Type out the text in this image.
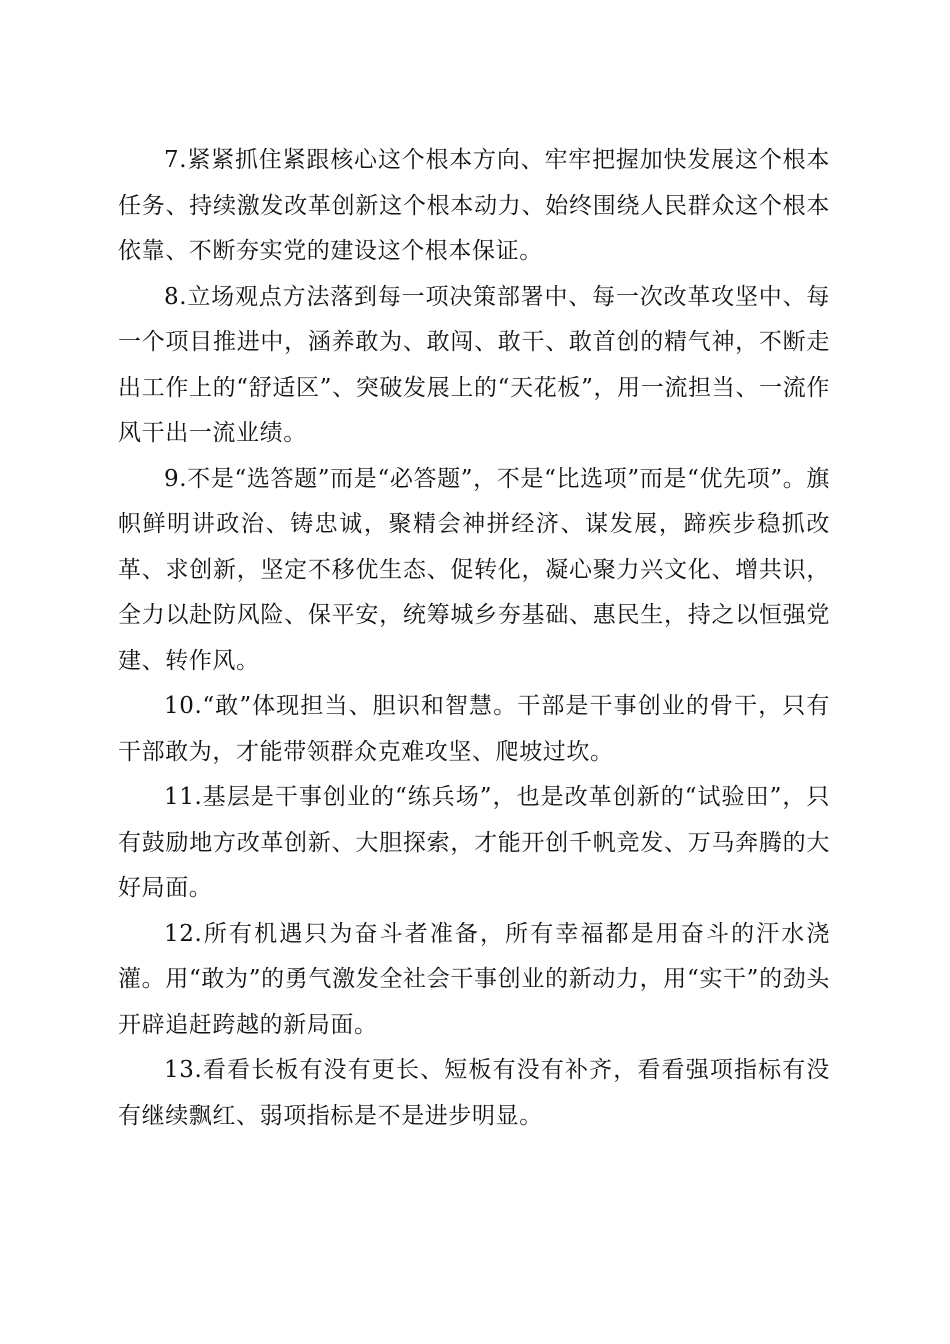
7.紧紧抓住紧跟核心这个根本方向、牢牢把握加快发展这个根本任务、持续激发改革创新这个根本动力、始终围绕人民群众这个根本依靠、不断夯实党的建设这个根本保证。

8.立场观点方法落到每一项决策部署中、每一次改革攻坚中、每一个项目推进中，涵养敢为、敢闯、敢干、敢首创的精气神，不断走出工作上的“舒适区”、突破发展上的“天花板”，用一流担当、一流作风干出一流业绩。

9.不是“选答题”而是“必答题”，不是“比选项”而是“优先项”。旗帜鲜明讲政治、铸忠诚，聚精会神拼经济、谋发展，蹄疾步稳抓改革、求创新，坚定不移优生态、促转化，凝心聚力兴文化、增共识，全力以赴防风险、保平安，统筹城乡夯基础、惠民生，持之以恒强党建、转作风。

10.“敢”体现担当、胆识和智慧。干部是干事创业的骨干，只有干部敢为，才能带领群众克难攻坚、爬坡过坎。

11.基层是干事创业的“练兵场”，也是改革创新的“试验田”，只有鼓励地方改革创新、大胆探索，才能开创千帆竞发、万马奔腾的大好局面。

12.所有机遇只为奋斗者准备，所有幸福都是用奋斗的汗水浇灌。用“敢为”的勇气激发全社会干事创业的新动力，用“实干”的劲头开辟追赶跨越的新局面。

13.看看长板有没有更长、短板有没有补齐，看看强项指标有没有继续飘红、弱项指标是不是进步明显。
